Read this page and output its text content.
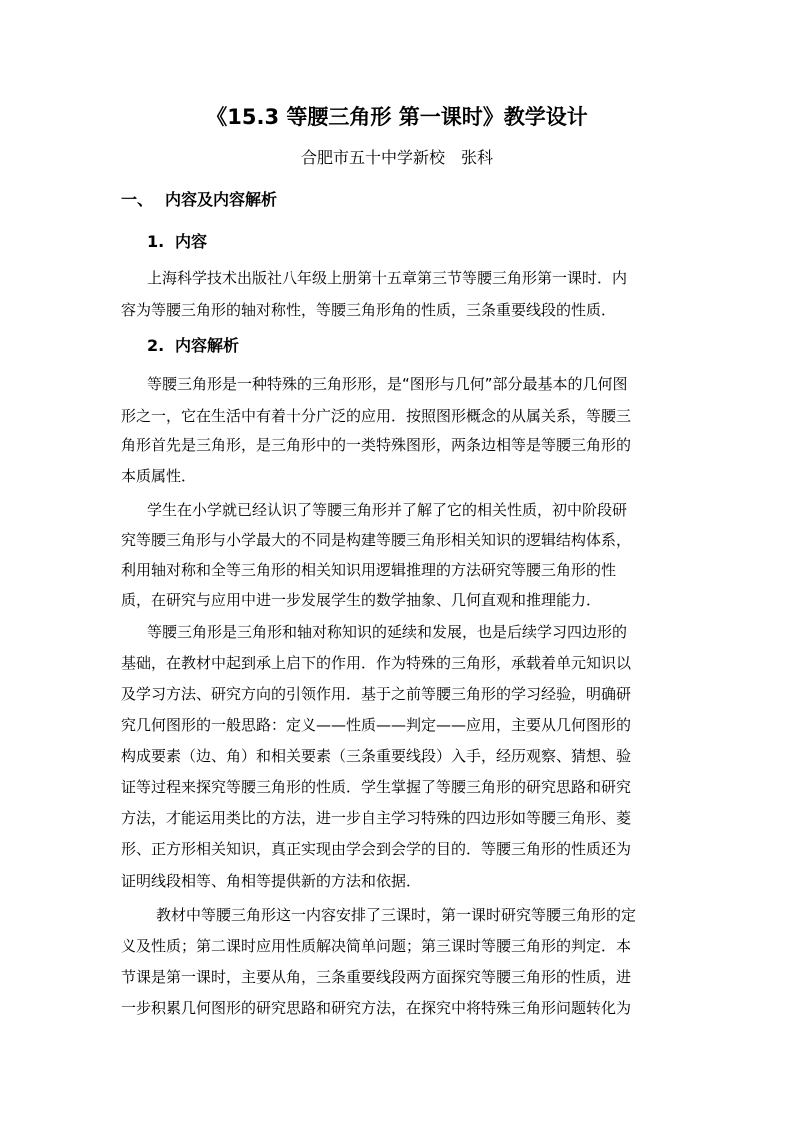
《15.3 等腰三角形 第一课时》教学设计
合肥市五十中学新校　张科
一、 内容及内容解析
1. 内容
上海科学技术出版社八年级上册第十五章第三节等腰三角形第一课时．内
容为等腰三角形的轴对称性，等腰三角形角的性质，三条重要线段的性质．
2. 内容解析
等腰三角形是一种特殊的三角形形，是“图形与几何”部分最基本的几何图
形之一，它在生活中有着十分广泛的应用．按照图形概念的从属关系，等腰三
角形首先是三角形，是三角形中的一类特殊图形，两条边相等是等腰三角形的
本质属性．
学生在小学就已经认识了等腰三角形并了解了它的相关性质，初中阶段研
究等腰三角形与小学最大的不同是构建等腰三角形相关知识的逻辑结构体系，
利用轴对称和全等三角形的相关知识用逻辑推理的方法研究等腰三角形的性
质，在研究与应用中进一步发展学生的数学抽象、几何直观和推理能力．
等腰三角形是三角形和轴对称知识的延续和发展，也是后续学习四边形的
基础，在教材中起到承上启下的作用．作为特殊的三角形，承载着单元知识以
及学习方法、研究方向的引领作用．基于之前等腰三角形的学习经验，明确研
究几何图形的一般思路：定义——性质——判定——应用，主要从几何图形的
构成要素（边、角）和相关要素（三条重要线段）入手，经历观察、猜想、验
证等过程来探究等腰三角形的性质．学生掌握了等腰三角形的研究思路和研究
方法，才能运用类比的方法，进一步自主学习特殊的四边形如等腰三角形、菱
形、正方形相关知识，真正实现由学会到会学的目的．等腰三角形的性质还为
证明线段相等、角相等提供新的方法和依据．
教材中等腰三角形这一内容安排了三课时，第一课时研究等腰三角形的定
义及性质；第二课时应用性质解决简单问题；第三课时等腰三角形的判定．本
节课是第一课时，主要从角，三条重要线段两方面探究等腰三角形的性质，进
一步积累几何图形的研究思路和研究方法，在探究中将特殊三角形问题转化为
